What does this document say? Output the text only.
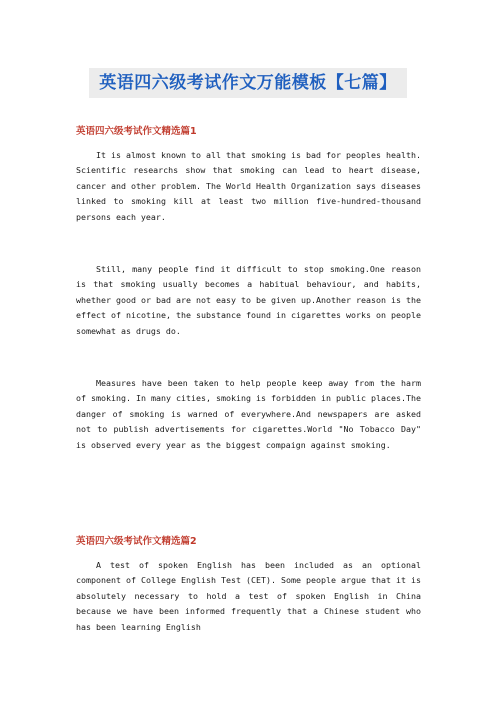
英语四六级考试作文万能模板【七篇】
英语四六级考试作文精选篇1

It is almost known to all that smoking is bad for peoples health. Scientific researchs show that smoking can lead to heart disease, cancer and other problem. The World Health Organization says diseases linked to smoking kill at least two million five-hundred-thousand persons each year.

Still, many people find it difficult to stop smoking.One reason is that smoking usually becomes a habitual behaviour, and habits, whether good or bad are not easy to be given up.Another reason is the effect of nicotine, the substance found in cigarettes works on people somewhat as drugs do.

Measures have been taken to help people keep away from the harm of smoking. In many cities, smoking is forbidden in public places.The danger of smoking is warned of everywhere.And newspapers are asked not to publish advertisements for cigarettes.World "No Tobacco Day" is observed every year as the biggest compaign against smoking.

英语四六级考试作文精选篇2

A test of spoken English has been included as an optional component of College English Test (CET). Some people argue that it is absolutely necessary to hold a test of spoken English in China because we have been informed frequently that a Chinese student who has been learning English
